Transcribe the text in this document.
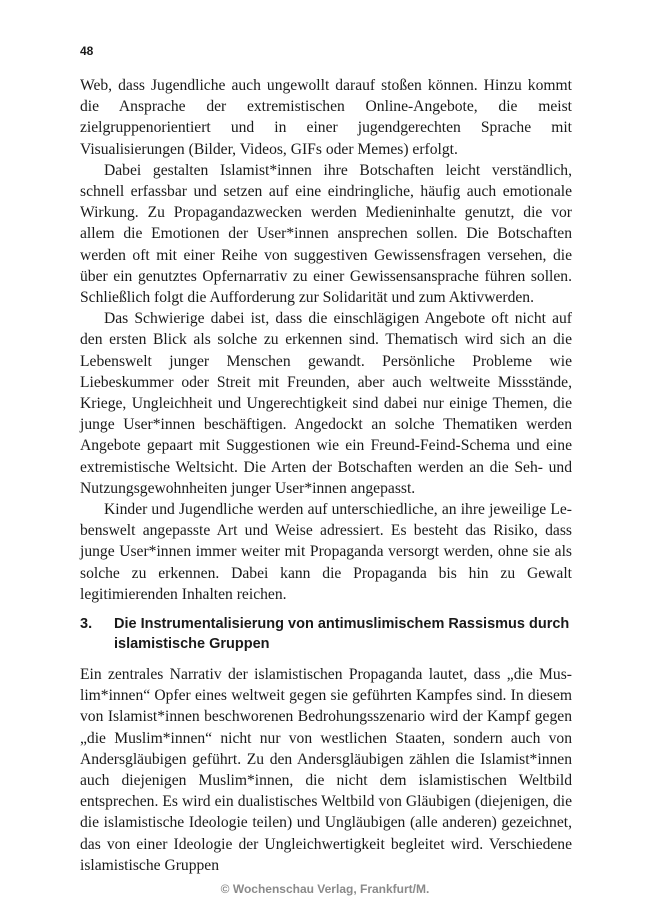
48

Web, dass Jugendliche auch ungewollt darauf stoßen können. Hinzu kommt die Ansprache der extremistischen Online-Angebote, die meist zielgruppenorientiert und in einer jugendgerechten Sprache mit Visualisierungen (Bilder, Videos, GIFs oder Memes) erfolgt.

Dabei gestalten Islamist*innen ihre Botschaften leicht verständlich, schnell erfassbar und setzen auf eine eindringliche, häufig auch emotionale Wirkung. Zu Propagandazwecken werden Medieninhalte genutzt, die vor allem die Emotionen der User*innen ansprechen sollen. Die Botschaften werden oft mit einer Reihe von suggestiven Gewissensfragen versehen, die über ein genutztes Opfernarrativ zu einer Gewissensansprache führen sollen. Schließlich folgt die Aufforderung zur Solidarität und zum Aktivwerden.

Das Schwierige dabei ist, dass die einschlägigen Angebote oft nicht auf den ersten Blick als solche zu erkennen sind. Thematisch wird sich an die Lebenswelt junger Menschen gewandt. Persönliche Probleme wie Liebeskummer oder Streit mit Freunden, aber auch weltweite Missstände, Kriege, Ungleichheit und Ungerechtigkeit sind dabei nur einige Themen, die junge User*innen beschäftigen. Angedockt an solche Thematiken werden Angebote gepaart mit Suggestionen wie ein Freund-Feind-Schema und eine extremistische Weltsicht. Die Arten der Botschaften werden an die Seh- und Nutzungsgewohnheiten junger User*innen angepasst.

Kinder und Jugendliche werden auf unterschiedliche, an ihre jeweilige Lebenswelt angepasste Art und Weise adressiert. Es besteht das Risiko, dass junge User*innen immer weiter mit Propaganda versorgt werden, ohne sie als solche zu erkennen. Dabei kann die Propaganda bis hin zu Gewalt legitimierenden Inhalten reichen.

3.	Die Instrumentalisierung von antimuslimischem Rassismus durch islamistische Gruppen

Ein zentrales Narrativ der islamistischen Propaganda lautet, dass „die Muslim*innen“ Opfer eines weltweit gegen sie geführten Kampfes sind. In diesem von Islamist*innen beschworenen Bedrohungsszenario wird der Kampf gegen „die Muslim*innen“ nicht nur von westlichen Staaten, sondern auch von Andersgläubigen geführt. Zu den Andersgläubigen zählen die Islamist*innen auch diejenigen Muslim*innen, die nicht dem islamistischen Weltbild entsprechen. Es wird ein dualistisches Weltbild von Gläubigen (diejenigen, die die islamistische Ideologie teilen) und Ungläubigen (alle anderen) gezeichnet, das von einer Ideologie der Ungleichwertigkeit begleitet wird. Verschiedene islamistische Gruppen

© Wochenschau Verlag, Frankfurt/M.
